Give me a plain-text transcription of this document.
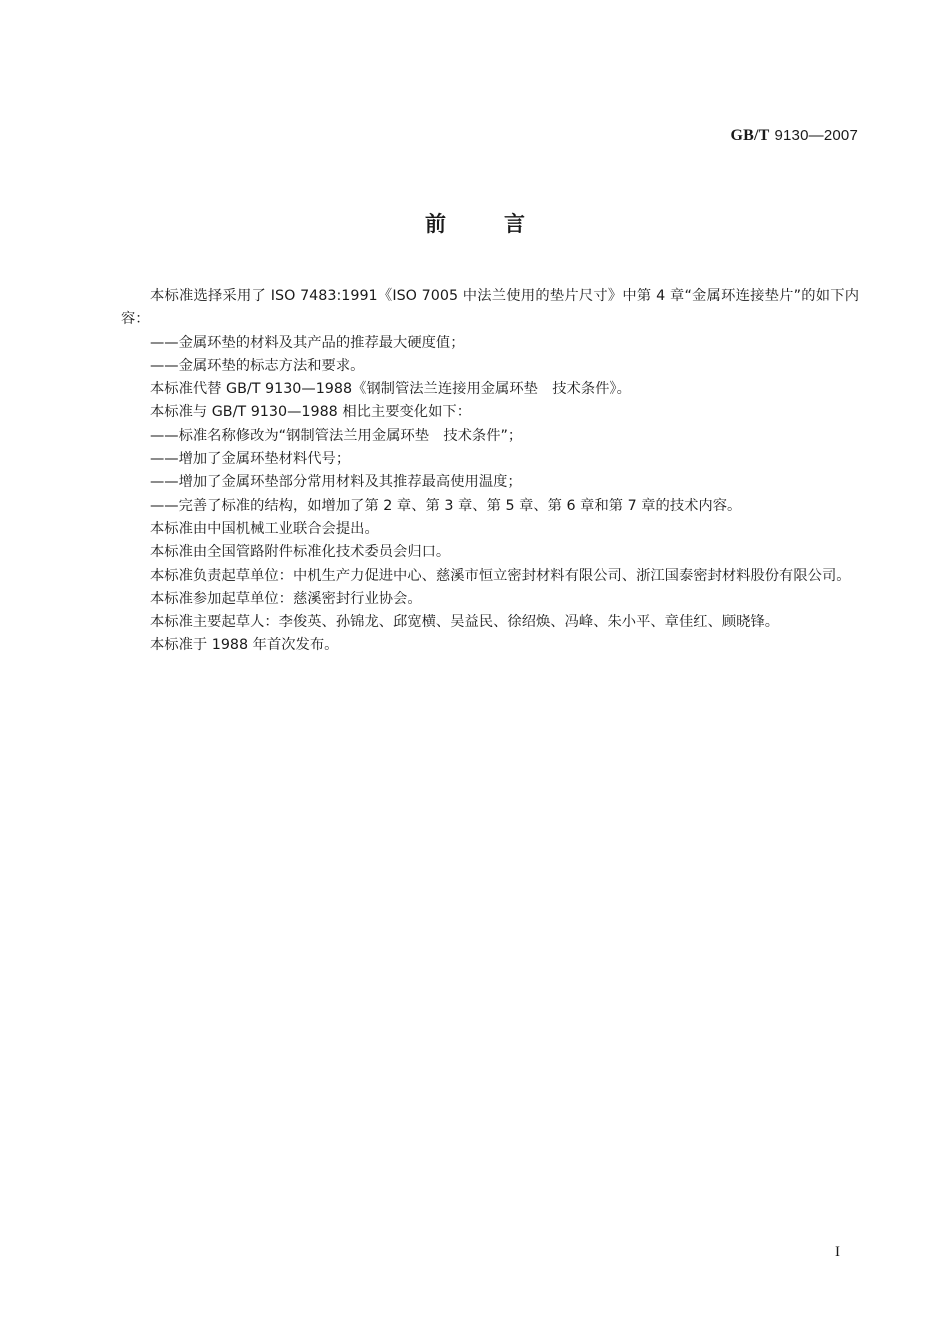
GB/T 9130—2007
前	言

本标准选择采用了 ISO 7483:1991《ISO 7005 中法兰使用的垫片尺寸》中第 4 章“金属环连接垫片”的如下内容：

——金属环垫的材料及其产品的推荐最大硬度值；

——金属环垫的标志方法和要求。

本标准代替 GB/T 9130—1988《钢制管法兰连接用金属环垫　技术条件》。

本标准与 GB/T 9130—1988 相比主要变化如下：

——标准名称修改为“钢制管法兰用金属环垫　技术条件”；

——增加了金属环垫材料代号；

——增加了金属环垫部分常用材料及其推荐最高使用温度；

——完善了标准的结构，如增加了第 2 章、第 3 章、第 5 章、第 6 章和第 7 章的技术内容。

本标准由中国机械工业联合会提出。

本标准由全国管路附件标准化技术委员会归口。

本标准负责起草单位：中机生产力促进中心、慈溪市恒立密封材料有限公司、浙江国泰密封材料股份有限公司。

本标准参加起草单位：慈溪密封行业协会。

本标准主要起草人：李俊英、孙锦龙、邱宽横、吴益民、徐绍焕、冯峰、朱小平、章佳红、顾晓锋。

本标准于 1988 年首次发布。

I
